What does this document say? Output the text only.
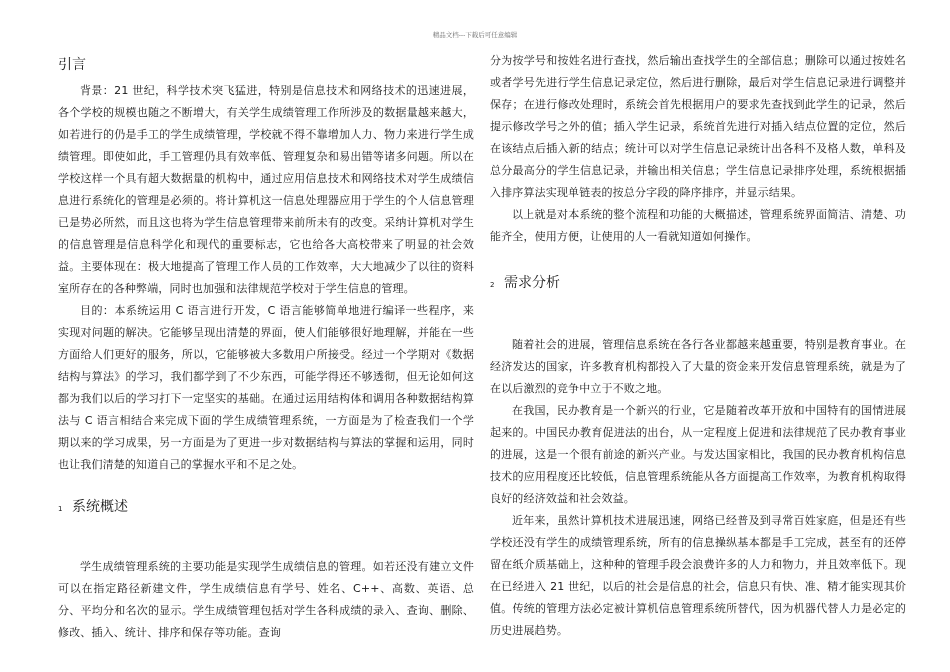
精品文档---下载后可任意编辑
引言

背景：21 世纪，科学技术突飞猛进，特别是信息技术和网络技术的迅速进展，各个学校的规模也随之不断增大，有关学生成绩管理工作所涉及的数据量越来越大，如若进行的仍是手工的学生成绩管理，学校就不得不靠增加人力、物力来进行学生成绩管理。即使如此，手工管理仍具有效率低、管理复杂和易出错等诸多问题。所以在学校这样一个具有超大数据量的机构中，通过应用信息技术和网络技术对学生成绩信息进行系统化的管理是必须的。将计算机这一信息处理器应用于学生的个人信息管理已是势必所然，而且这也将为学生信息管理带来前所未有的改变。采纳计算机对学生的信息管理是信息科学化和现代的重要标志，它也给各大高校带来了明显的社会效益。主要体现在：极大地提高了管理工作人员的工作效率，大大地减少了以往的资料室所存在的各种弊端，同时也加强和法律规范学校对于学生信息的管理。

目的：本系统运用 C 语言进行开发，C 语言能够简单地进行编译一些程序，来实现对问题的解决。它能够呈现出清楚的界面，使人们能够很好地理解，并能在一些方面给人们更好的服务，所以，它能够被大多数用户所接受。经过一个学期对《数据结构与算法》的学习，我们都学到了不少东西，可能学得还不够透彻，但无论如何这都为我们以后的学习打下一定坚实的基础。在通过运用结构体和调用各种数据结构算法与 C 语言相结合来完成下面的学生成绩管理系统，一方面是为了检查我们一个学期以来的学习成果，另一方面是为了更进一步对数据结构与算法的掌握和运用，同时也让我们清楚的知道自己的掌握水平和不足之处。

1 系统概述

学生成绩管理系统的主要功能是实现学生成绩信息的管理。如若还没有建立文件可以在指定路径新建文件，学生成绩信息有学号、姓名、C++、高数、英语、总分、平均分和名次的显示。学生成绩管理包括对学生各科成绩的录入、查询、删除、修改、插入、统计、排序和保存等功能。查询

分为按学号和按姓名进行查找，然后输出查找学生的全部信息；删除可以通过按姓名或者学号先进行学生信息记录定位，然后进行删除，最后对学生信息记录进行调整并保存；在进行修改处理时，系统会首先根据用户的要求先查找到此学生的记录，然后提示修改学号之外的值；插入学生记录，系统首先进行对插入结点位置的定位，然后在该结点后插入新的结点；统计可以对学生信息记录统计出各科不及格人数，单科及总分最高分的学生信息记录，并输出相关信息；学生信息记录排序处理，系统根据插入排序算法实现单链表的按总分字段的降序排序，并显示结果。

以上就是对本系统的整个流程和功能的大概描述，管理系统界面简洁、清楚、功能齐全，使用方便，让使用的人一看就知道如何操作。

2 需求分析

随着社会的进展，管理信息系统在各行各业都越来越重要，特别是教育事业。在经济发达的国家，许多教育机构都投入了大量的资金来开发信息管理系统，就是为了在以后激烈的竞争中立于不败之地。

在我国，民办教育是一个新兴的行业，它是随着改革开放和中国特有的国情进展起来的。中国民办教育促进法的出台，从一定程度上促进和法律规范了民办教育事业的进展，这是一个很有前途的新兴产业。与发达国家相比，我国的民办教育机构信息技术的应用程度还比较低，信息管理系统能从各方面提高工作效率，为教育机构取得良好的经济效益和社会效益。

近年来，虽然计算机技术进展迅速，网络已经普及到寻常百姓家庭，但是还有些学校还没有学生的成绩管理系统，所有的信息操纵基本都是手工完成，甚至有的还停留在纸介质基础上，这种种的管理手段会浪费许多的人力和物力，并且效率低下。现在已经进入 21 世纪，以后的社会是信息的社会，信息只有快、准、精才能实现其价值。传统的管理方法必定被计算机信息管理系统所替代，因为机器代替人力是必定的历史进展趋势。
